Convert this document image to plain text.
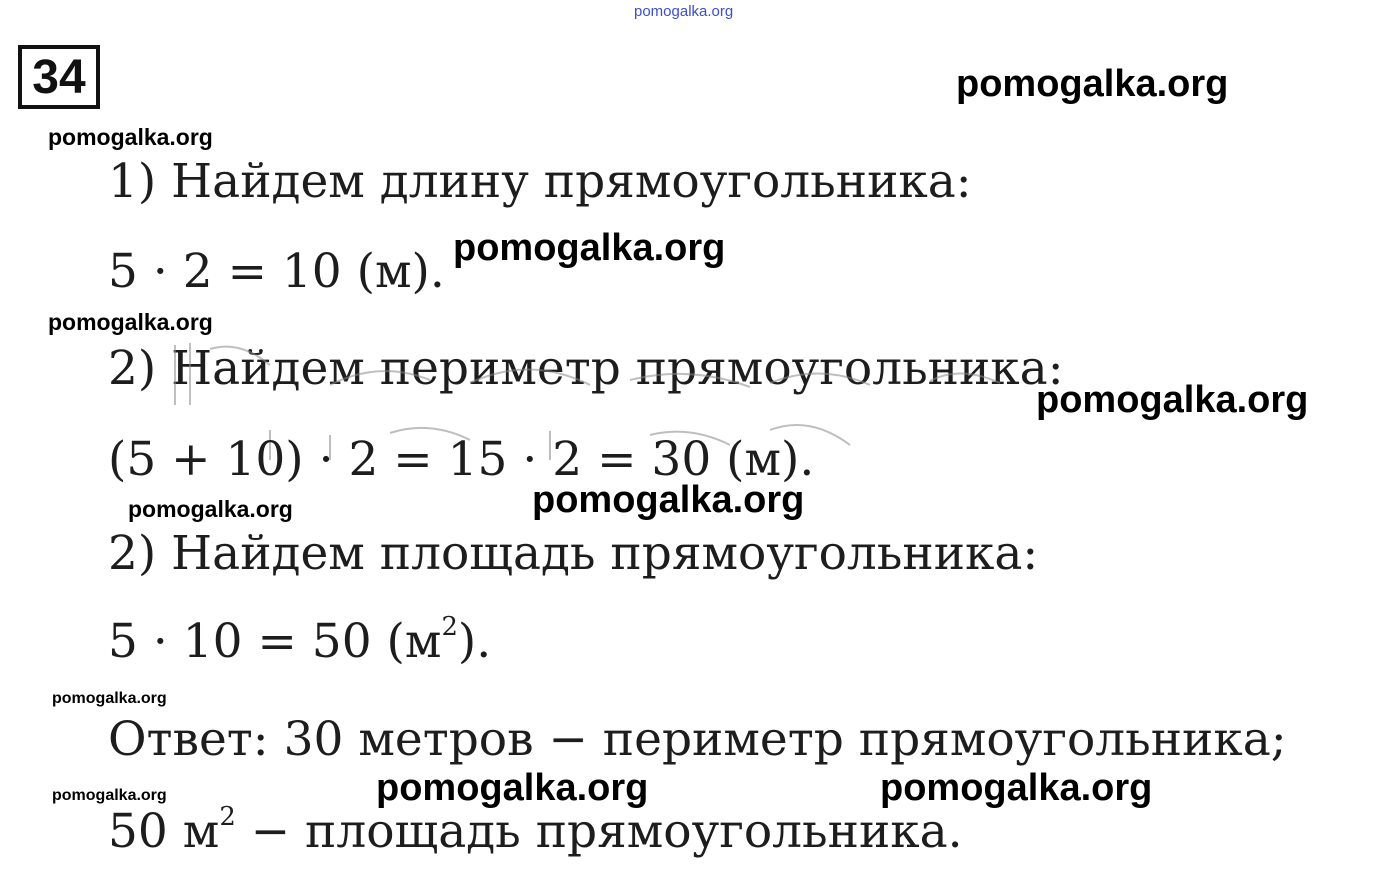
pomogalka.org
34	pomogalka.org
pomogalka.org
1) Найдем длину прямоугольника:
5 · 2 = 10 (м). pomogalka.org
pomogalka.org
2) Найдем периметр прямоугольника:
pomogalka.org
(5 + 10) · 2 = 15 · 2 = 30 (м).
pomogalka.org	pomogalka.org
2) Найдем площадь прямоугольника:
5 · 10 = 50 $(м^2)$.
pomogalka.org
Ответ: 30 метров − периметр прямоугольника;
pomogalka.org	pomogalka.org	pomogalka.org
50 $м^2$ − площадь прямоугольника.
